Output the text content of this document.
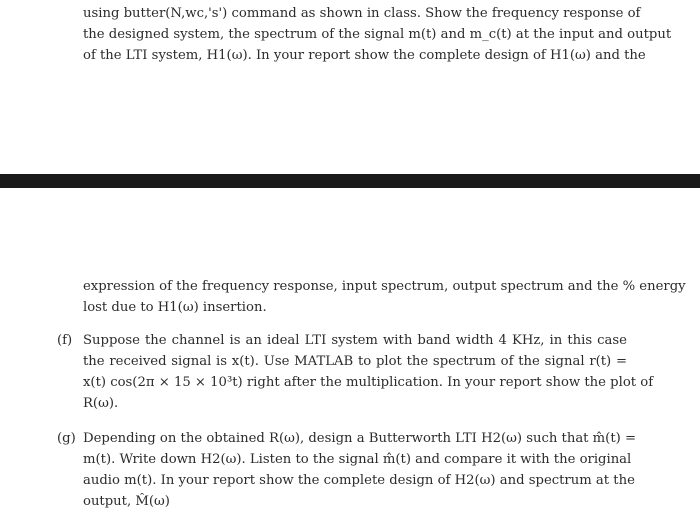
using butter(N,wc,'s') command as shown in class. Show the frequency response of
the designed system, the spectrum of the signal m(t) and m_c(t) at the input and output
of the LTI system, H1(ω). In your report show the complete design of H1(ω) and the
expression of the frequency response, input spectrum, output spectrum and the % energy
lost due to H1(ω) insertion.
(f) Suppose the channel is an ideal LTI system with band width 4 KHz, in this case
the received signal is x(t). Use MATLAB to plot the spectrum of the signal r(t) =
x(t) cos(2π × 15 × 10³t) right after the multiplication. In your report show the plot of
R(ω).
(g) Depending on the obtained R(ω), design a Butterworth LTI H2(ω) such that m̂(t) =
m(t). Write down H2(ω). Listen to the signal m̂(t) and compare it with the original
audio m(t). In your report show the complete design of H2(ω) and spectrum at the
output, M̂(ω)
